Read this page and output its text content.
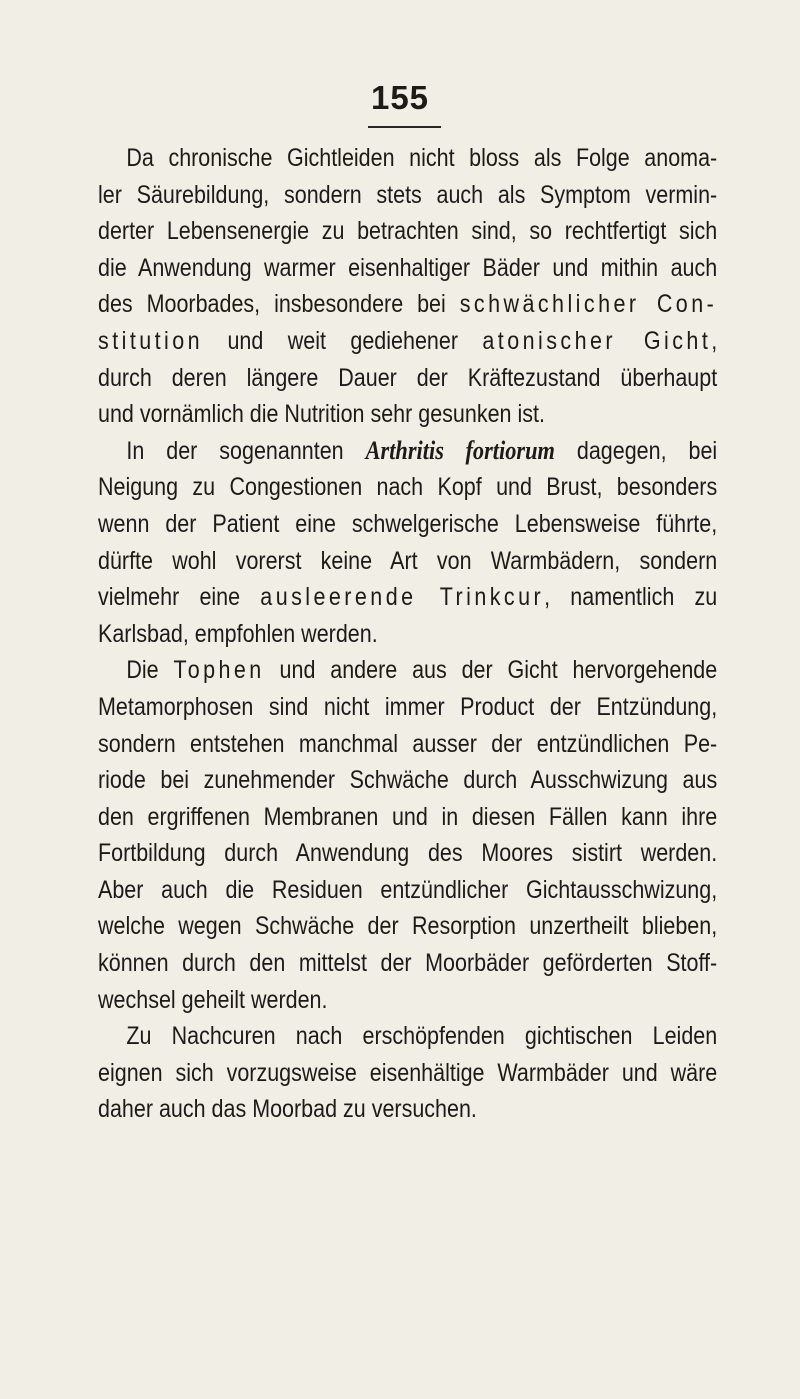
155
Da chronische Gichtleiden nicht bloss als Folge anoma-
ler Säurebildung, sondern stets auch als Symptom vermin-
derter Lebensenergie zu betrachten sind, so rechtfertigt sich
die Anwendung warmer eisenhaltiger Bäder und mithin auch
des Moorbades, insbesondere bei schwächlicher Con-
stitution und weit gediehener atonischer Gicht,
durch deren längere Dauer der Kräftezustand überhaupt
und vornämlich die Nutrition sehr gesunken ist.
In der sogenannten Arthritis fortiorum dagegen, bei
Neigung zu Congestionen nach Kopf und Brust, besonders
wenn der Patient eine schwelgerische Lebensweise führte,
dürfte wohl vorerst keine Art von Warmbädern, sondern
vielmehr eine ausleerende Trinkcur, namentlich zu
Karlsbad, empfohlen werden.
Die Tophen und andere aus der Gicht hervorgehende
Metamorphosen sind nicht immer Product der Entzündung,
sondern entstehen manchmal ausser der entzündlichen Pe-
riode bei zunehmender Schwäche durch Ausschwizung aus
den ergriffenen Membranen und in diesen Fällen kann ihre
Fortbildung durch Anwendung des Moores sistirt werden.
Aber auch die Residuen entzündlicher Gichtausschwizung,
welche wegen Schwäche der Resorption unzertheilt blieben,
können durch den mittelst der Moorbäder geförderten Stoff-
wechsel geheilt werden.
Zu Nachcuren nach erschöpfenden gichtischen Leiden
eignen sich vorzugsweise eisenhältige Warmbäder und wäre
daher auch das Moorbad zu versuchen.
